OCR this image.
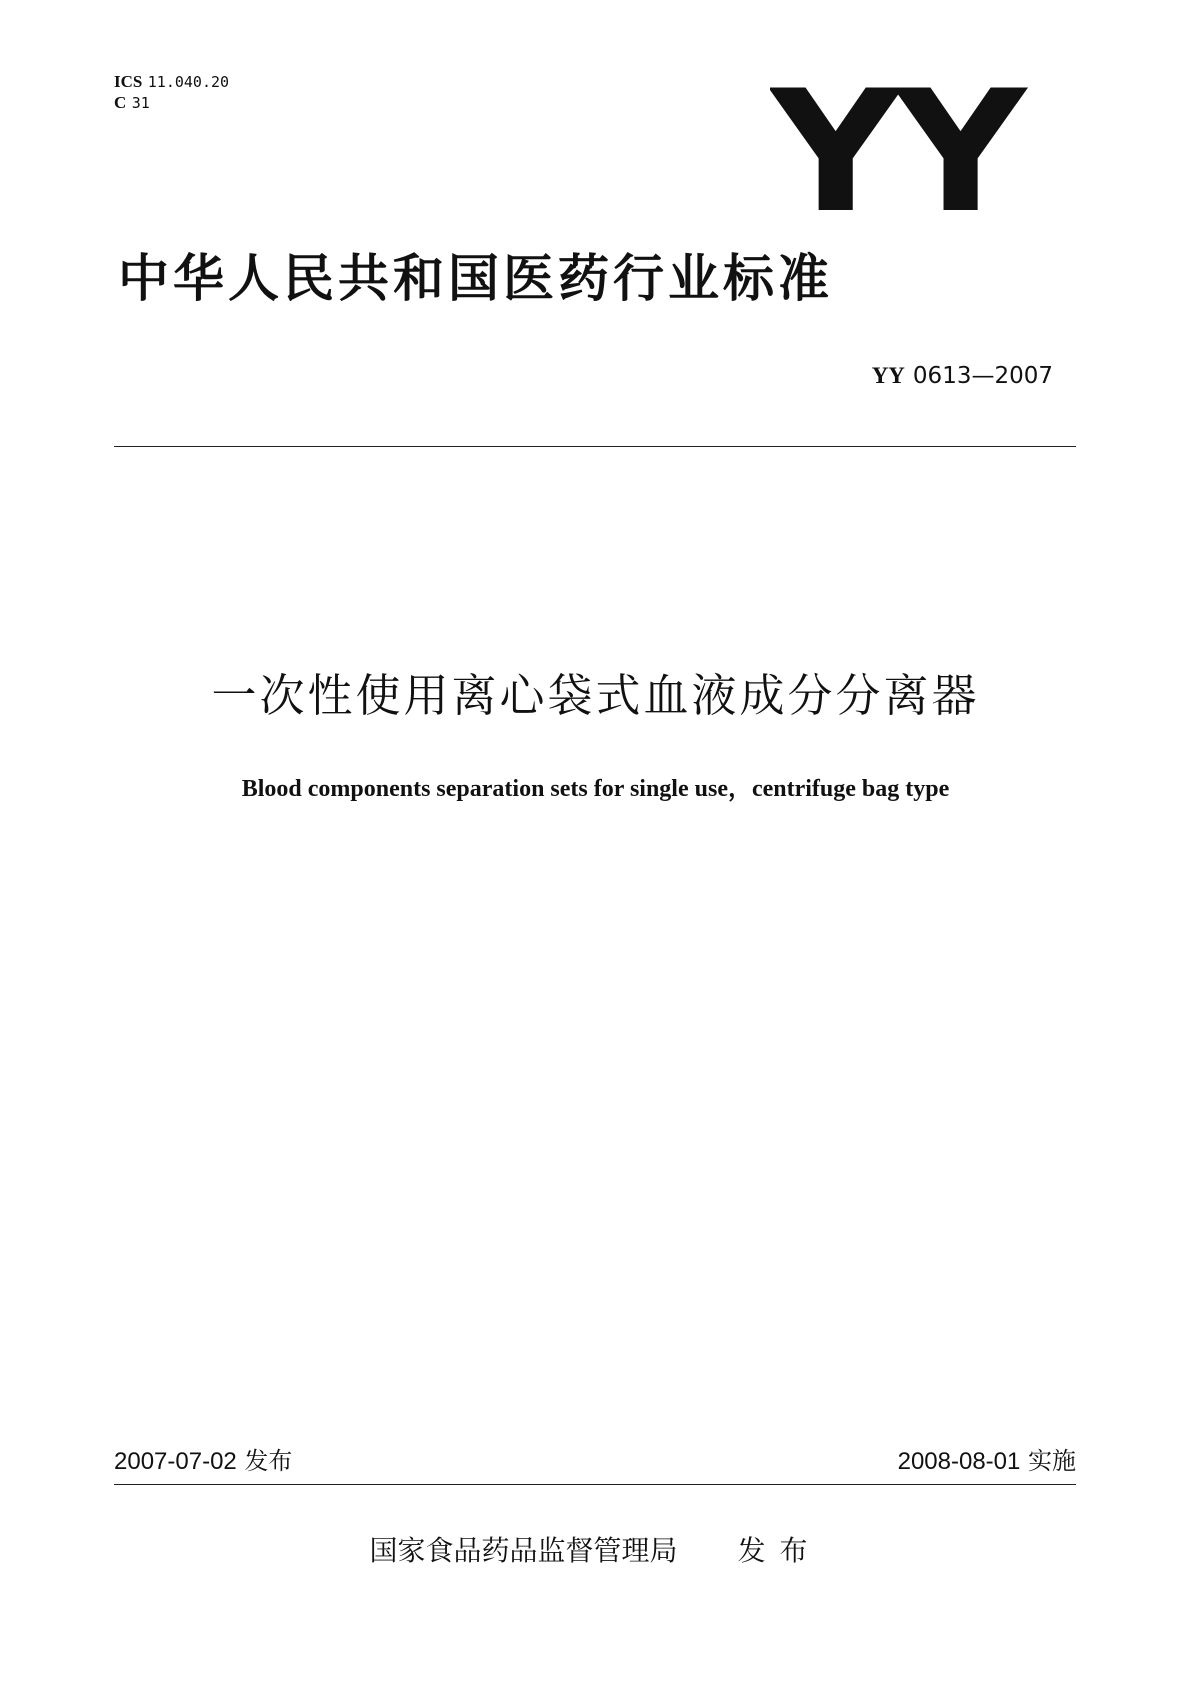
ICS 11.040.20
C 31	YY
中华人民共和国医药行业标准
YY 0613—2007
一次性使用离心袋式血液成分分离器
Blood components separation sets for single use，centrifuge bag type
2007-07-02 发布	2008-08-01 实施
国家食品药品监督管理局 发布
